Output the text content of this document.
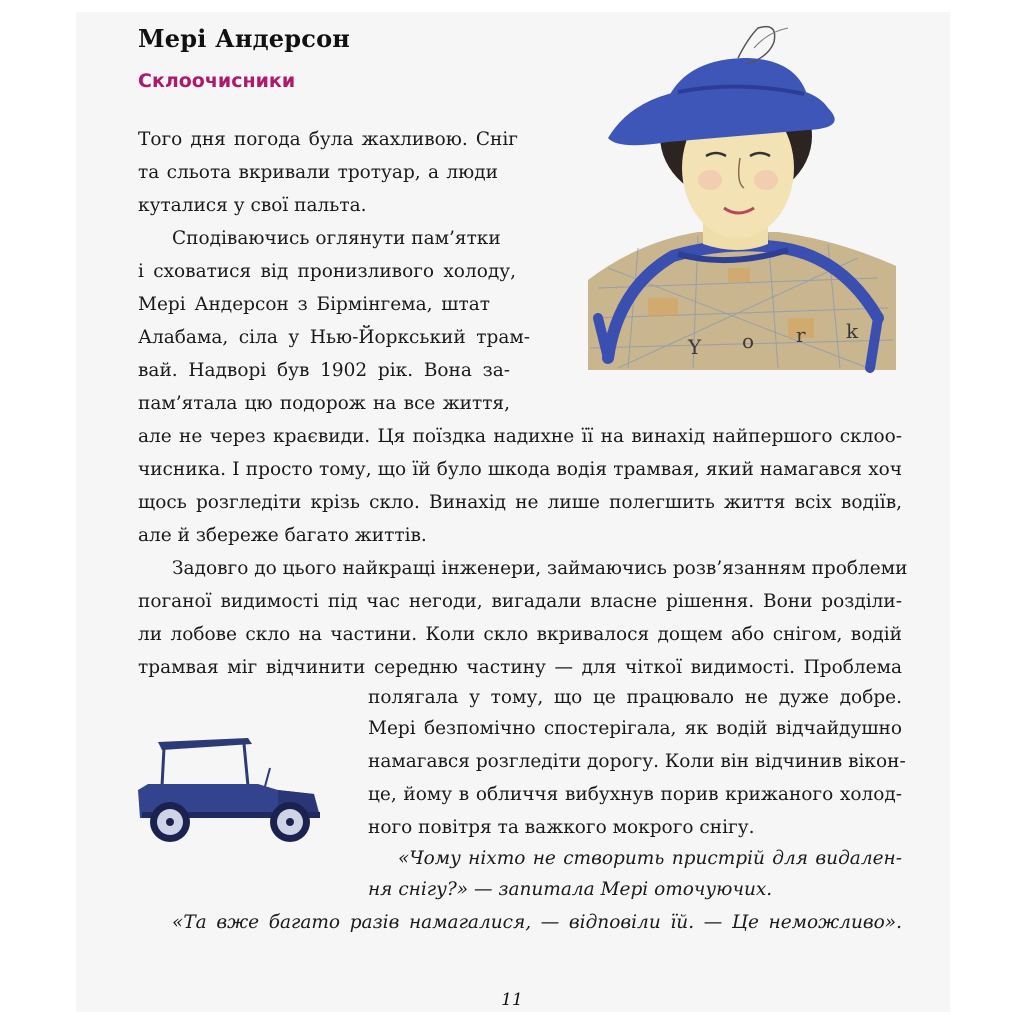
Мері Андерсон
Склоочисники
Y o r k
Того дня погода була жахливою. Сніг
та сльота вкривали тротуар, а люди
куталися у свої пальта.
Сподіваючись оглянути пам’ятки
і сховатися від пронизливого холоду,
Мері Андерсон з Бірмінгема, штат
Алабама, сіла у Нью-Йоркський трам-
вай. Надворі був 1902 рік. Вона за-
пам’ятала цю подорож на все життя,
але не через краєвиди. Ця поїздка надихне її на винахід найпершого склоо-
чисника. І просто тому, що їй було шкода водія трамвая, який намагався хоч
щось розгледіти крізь скло. Винахід не лише полегшить життя всіх водіїв,
але й збереже багато життів.
Задовго до цього найкращі інженери, займаючись розв’язанням проблеми
поганої видимості під час негоди, вигадали власне рішення. Вони розділи-
ли лобове скло на частини. Коли скло вкривалося дощем або снігом, водій
трамвая міг відчинити середню частину — для чіткої видимості. Проблема
полягала у тому, що це працювало не дуже добре.
Мері безпомічно спостерігала, як водій відчайдушно
намагався розгледіти дорогу. Коли він відчинив вікон-
це, йому в обличчя вибухнув порив крижаного холод-
ного повітря та важкого мокрого снігу.
«Чому ніхто не створить пристрій для видален-
ня снігу?» — запитала Мері оточуючих.
«Та вже багато разів намагалися, — відповіли їй. — Це неможливо».
11
